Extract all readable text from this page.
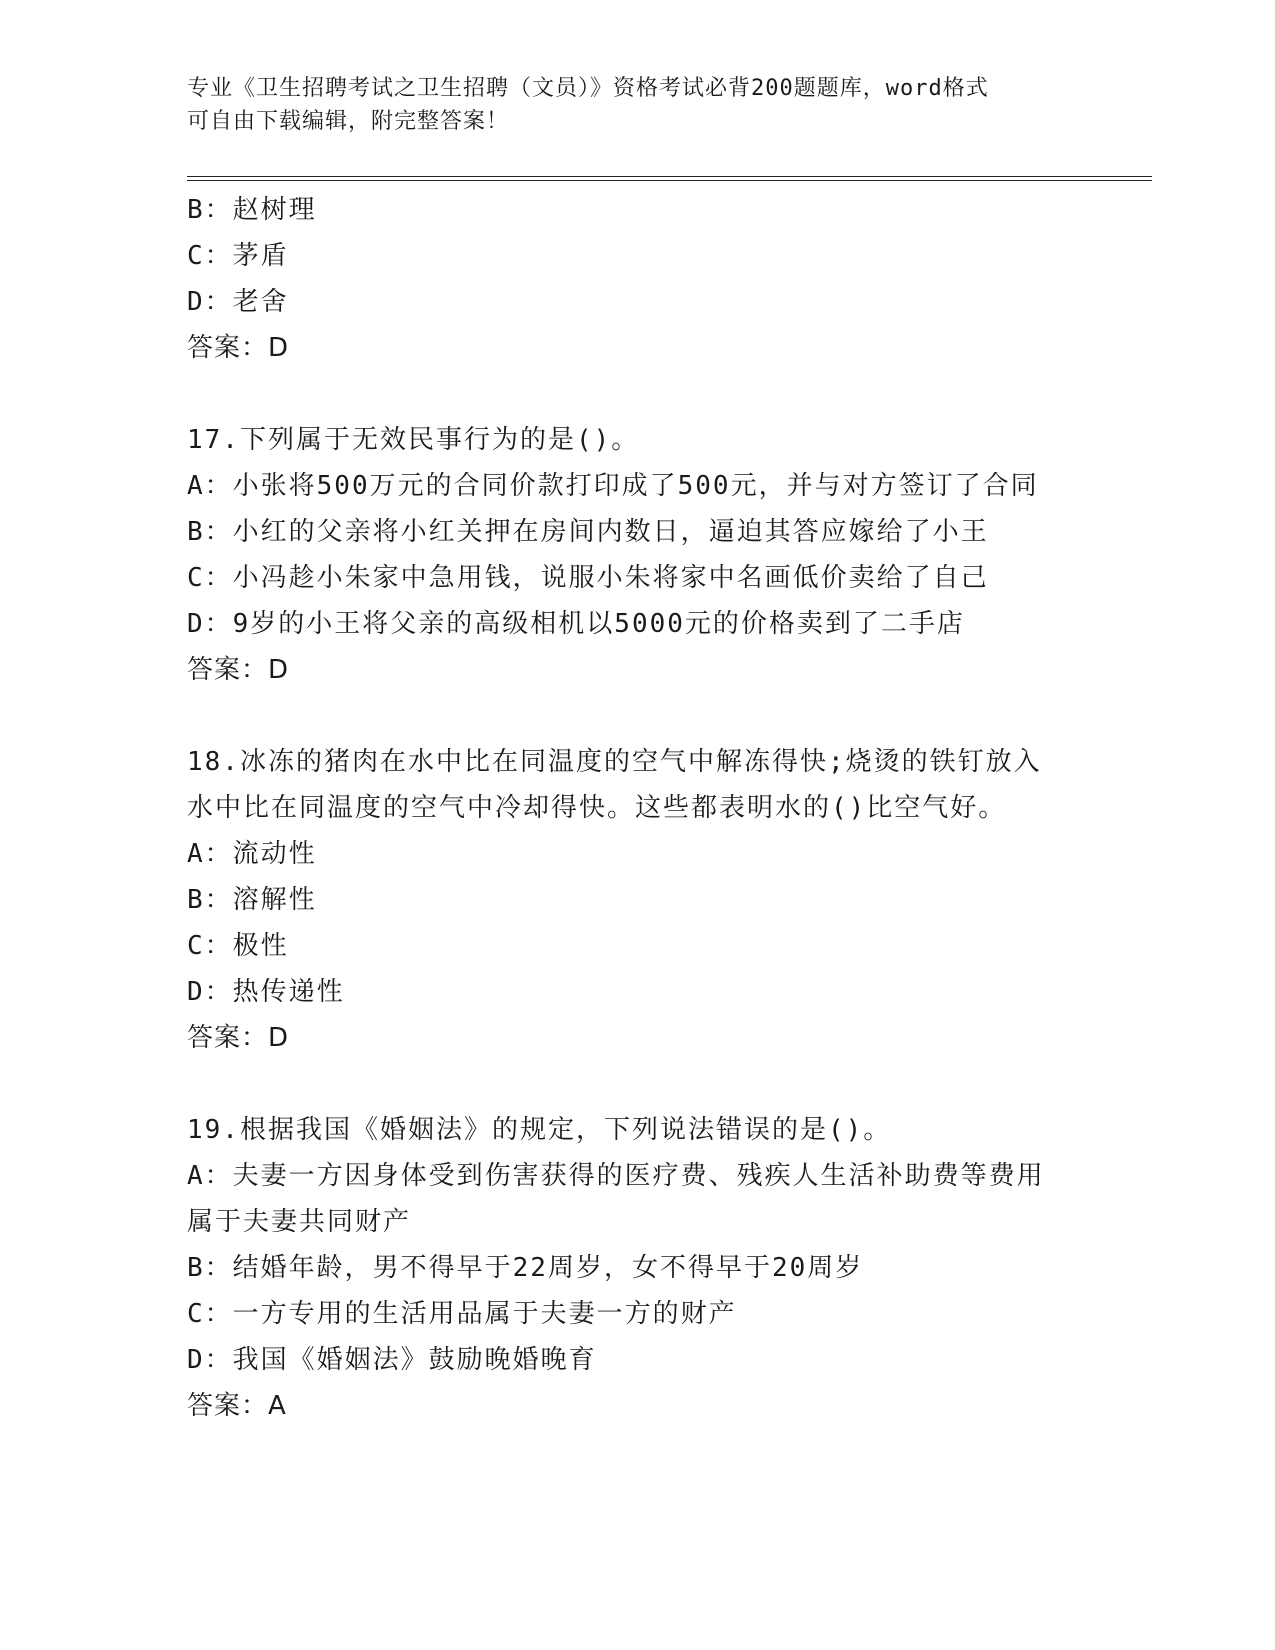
专业《卫生招聘考试之卫生招聘（文员）》资格考试必背200题题库，word格式
可自由下载编辑，附完整答案！
B：赵树理
C：茅盾
D：老舍
答案：D
17.下列属于无效民事行为的是()。
A：小张将500万元的合同价款打印成了500元，并与对方签订了合同
B：小红的父亲将小红关押在房间内数日，逼迫其答应嫁给了小王
C：小冯趁小朱家中急用钱，说服小朱将家中名画低价卖给了自己
D：9岁的小王将父亲的高级相机以5000元的价格卖到了二手店
答案：D
18.冰冻的猪肉在水中比在同温度的空气中解冻得快;烧烫的铁钉放入
水中比在同温度的空气中冷却得快。这些都表明水的()比空气好。
A：流动性
B：溶解性
C：极性
D：热传递性
答案：D
19.根据我国《婚姻法》的规定，下列说法错误的是()。
A：夫妻一方因身体受到伤害获得的医疗费、残疾人生活补助费等费用
属于夫妻共同财产
B：结婚年龄，男不得早于22周岁，女不得早于20周岁
C：一方专用的生活用品属于夫妻一方的财产
D：我国《婚姻法》鼓励晚婚晚育
答案：A
